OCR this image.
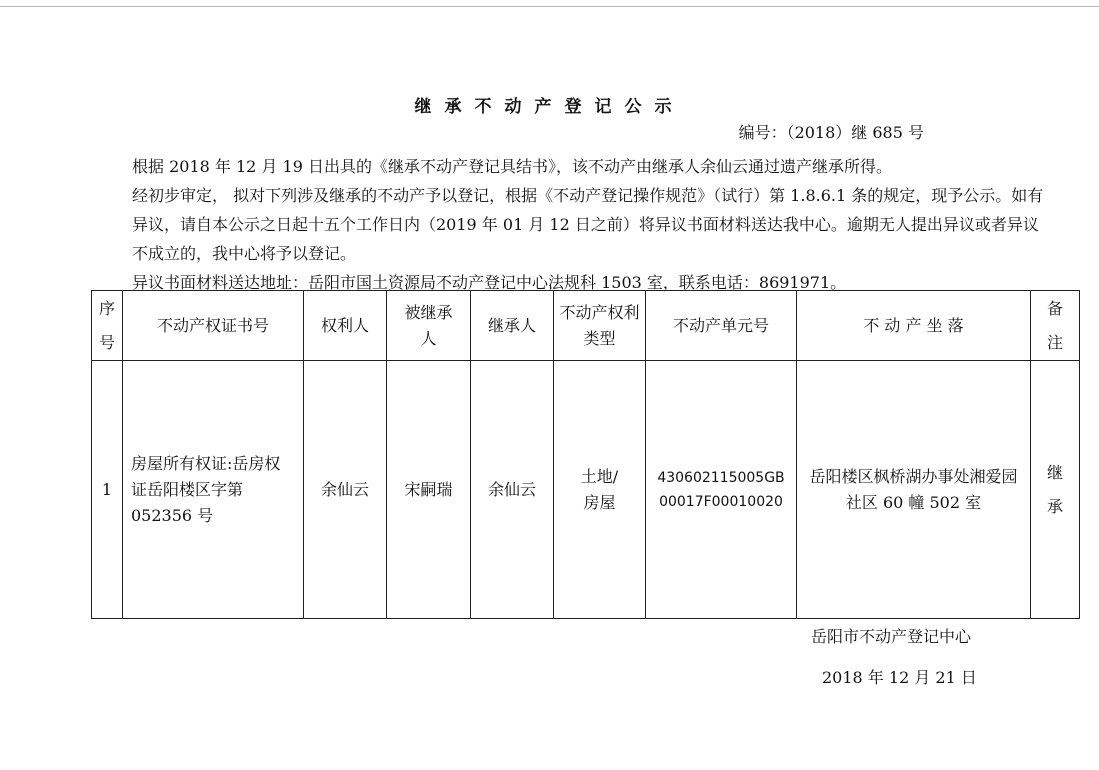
继承不动产登记公示
编号：（2018）继 685 号
根据 2018 年 12 月 19 日出具的《继承不动产登记具结书》，该不动产由继承人余仙云通过遗产继承所得。
经初步审定， 拟对下列涉及继承的不动产予以登记，根据《不动产登记操作规范》（试行）第 1.8.6.1 条的规定，现予公示。如有异议，请自本公示之日起十五个工作日内（2019 年 01 月 12 日之前）将异议书面材料送达我中心。逾期无人提出异议或者异议不成立的，我中心将予以登记。
异议书面材料送达地址：岳阳市国土资源局不动产登记中心法规科 1503 室，联系电话：8691971。
序号	不动产权证书号	权利人	被继承人	继承人	不动产权利类型	不动产单元号	不 动 产 坐 落	备注
1	房屋所有权证:岳房权证岳阳楼区字第 052356 号	余仙云	宋嗣瑞	余仙云	土地/房屋	430602115005GB00017F00010020	岳阳楼区枫桥湖办事处湘爱园社区 60 幢 502 室	继承
岳阳市不动产登记中心
2018 年 12 月 21 日
